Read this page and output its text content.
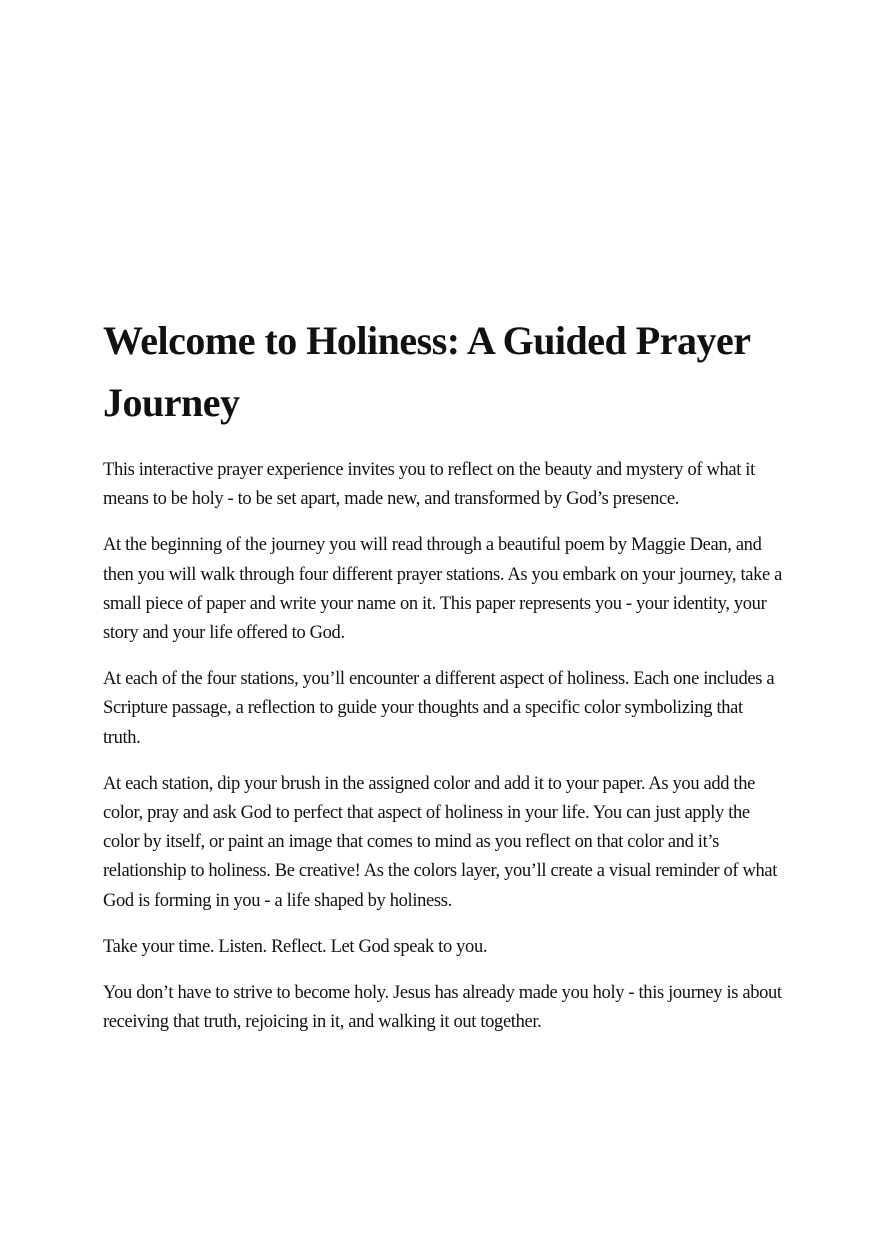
Welcome to Holiness: A Guided Prayer Journey

This interactive prayer experience invites you to reflect on the beauty and mystery of what it means to be holy - to be set apart, made new, and transformed by God’s presence.

At the beginning of the journey you will read through a beautiful poem by Maggie Dean, and then you will walk through four different prayer stations. As you embark on your journey, take a small piece of paper and write your name on it. This paper represents you - your identity, your story and your life offered to God.

At each of the four stations, you’ll encounter a different aspect of holiness. Each one includes a Scripture passage, a reflection to guide your thoughts and a specific color symbolizing that truth.

At each station, dip your brush in the assigned color and add it to your paper. As you add the color, pray and ask God to perfect that aspect of holiness in your life. You can just apply the color by itself, or paint an image that comes to mind as you reflect on that color and it’s relationship to holiness. Be creative! As the colors layer, you’ll create a visual reminder of what God is forming in you - a life shaped by holiness.

Take your time. Listen. Reflect. Let God speak to you.

You don’t have to strive to become holy. Jesus has already made you holy - this journey is about receiving that truth, rejoicing in it, and walking it out together.
